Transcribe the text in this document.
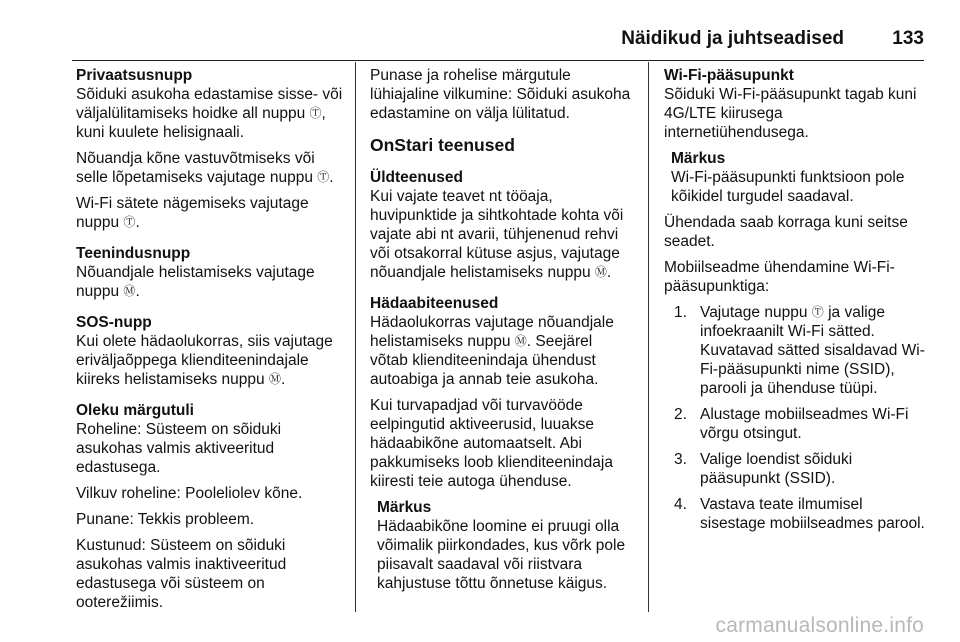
Näidikud ja juhtseadised	133
Privaatsusnupp
Sõiduki asukoha edastamise sisse- või väljalülitamiseks hoidke all nuppu Ⓣ, kuni kuulete helisignaali.
Nõuandja kõne vastuvõtmiseks või selle lõpetamiseks vajutage nuppu Ⓣ.
Wi-Fi sätete nägemiseks vajutage nuppu Ⓣ.
Teenindusnupp
Nõuandjale helistamiseks vajutage nuppu Ⓜ.
SOS-nupp
Kui olete hädaolukorras, siis vajutage eriväljaõppega klienditeenindajale kiireks helistamiseks nuppu Ⓜ.
Oleku märgutuli
Roheline: Süsteem on sõiduki asukohas valmis aktiveeritud edastusega.
Vilkuv roheline: Pooleliolev kõne.
Punane: Tekkis probleem.
Kustunud: Süsteem on sõiduki asukohas valmis inaktiveeritud edastusega või süsteem on ooterežiimis.
Punase ja rohelise märgutule lühiajaline vilkumine: Sõiduki asukoha edastamine on välja lülitatud.
OnStari teenused
Üldteenused
Kui vajate teavet nt tööaja, huvipunktide ja sihtkohtade kohta või vajate abi nt avarii, tühjenenud rehvi või otsakorral kütuse asjus, vajutage nõuandjale helistamiseks nuppu Ⓜ.
Hädaabiteenused
Hädaolukorras vajutage nõuandjale helistamiseks nuppu Ⓜ. Seejärel võtab klienditeenindaja ühendust autoabiga ja annab teie asukoha.
Kui turvapadjad või turvavööde eelpingutid aktiveerusid, luuakse hädaabikõne automaatselt. Abi pakkumiseks loob klienditeenindaja kiiresti teie autoga ühenduse.
Märkus
Hädaabikõne loomine ei pruugi olla võimalik piirkondades, kus võrk pole piisavalt saadaval või riistvara kahjustuse tõttu õnnetuse käigus.
Wi-Fi-pääsupunkt
Sõiduki Wi-Fi-pääsupunkt tagab kuni 4G/LTE kiirusega internetiühendusega.
Märkus
Wi-Fi-pääsupunkti funktsioon pole kõikidel turgudel saadaval.
Ühendada saab korraga kuni seitse seadet.
Mobiilseadme ühendamine Wi-Fi-pääsupunktiga:
1. Vajutage nuppu Ⓣ ja valige infoekraanilt Wi-Fi sätted. Kuvatavad sätted sisaldavad Wi-Fi-pääsupunkti nime (SSID), parooli ja ühenduse tüüpi.
2. Alustage mobiilseadmes Wi-Fi võrgu otsingut.
3. Valige loendist sõiduki pääsupunkt (SSID).
4. Vastava teate ilmumisel sisestage mobiilseadmes parool.
carmanualsonline.info
